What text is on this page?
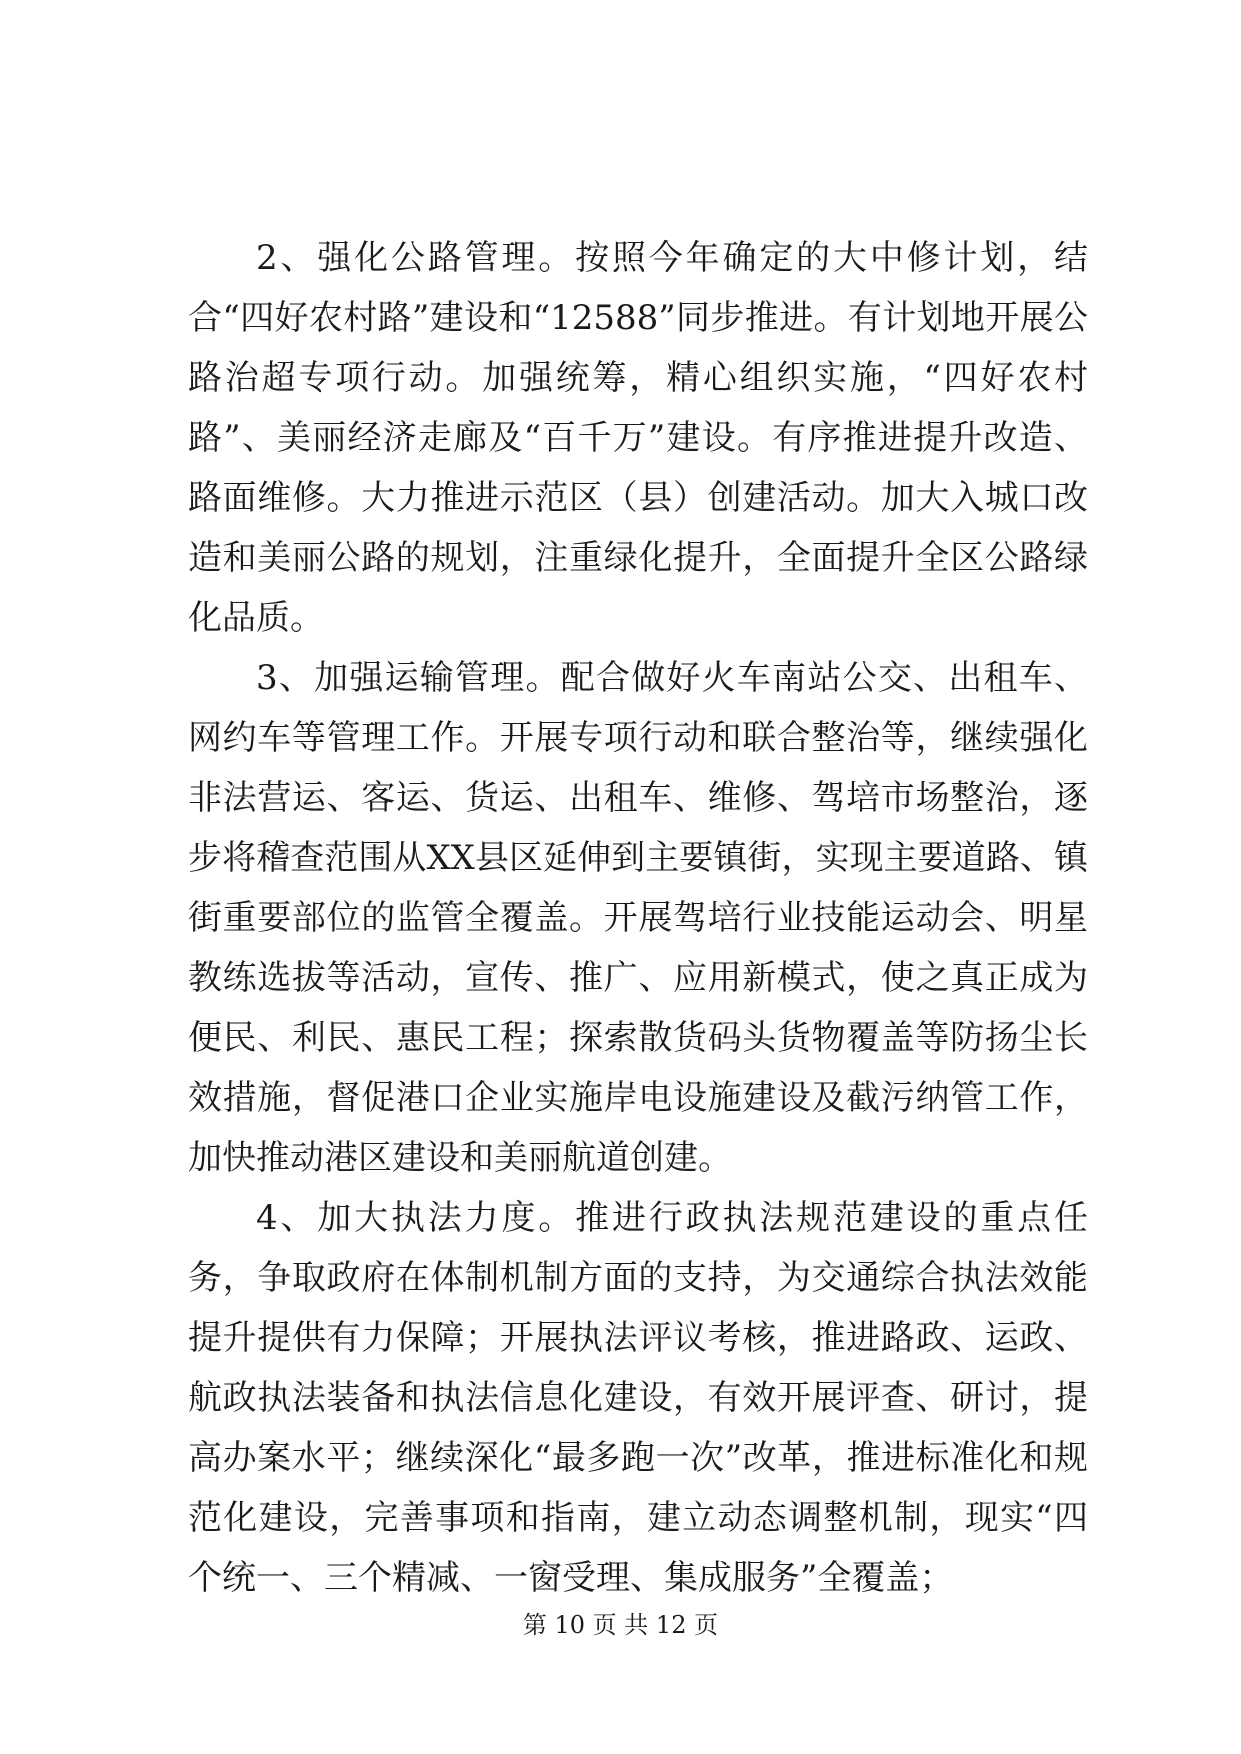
2、强化公路管理。按照今年确定的大中修计划，结合“四好农村路”建设和“12588”同步推进。有计划地开展公路治超专项行动。加强统筹，精心组织实施，“四好农村路”、美丽经济走廊及“百千万”建设。有序推进提升改造、路面维修。大力推进示范区（县）创建活动。加大入城口改造和美丽公路的规划，注重绿化提升，全面提升全区公路绿化品质。

3、加强运输管理。配合做好火车南站公交、出租车、网约车等管理工作。开展专项行动和联合整治等，继续强化非法营运、客运、货运、出租车、维修、驾培市场整治，逐步将稽查范围从XX县区延伸到主要镇街，实现主要道路、镇街重要部位的监管全覆盖。开展驾培行业技能运动会、明星教练选拔等活动，宣传、推广、应用新模式，使之真正成为便民、利民、惠民工程；探索散货码头货物覆盖等防扬尘长效措施，督促港口企业实施岸电设施建设及截污纳管工作，加快推动港区建设和美丽航道创建。

4、加大执法力度。推进行政执法规范建设的重点任务，争取政府在体制机制方面的支持，为交通综合执法效能提升提供有力保障；开展执法评议考核，推进路政、运政、航政执法装备和执法信息化建设，有效开展评查、研讨，提高办案水平；继续深化“最多跑一次”改革，推进标准化和规范化建设，完善事项和指南，建立动态调整机制，现实“四个统一、三个精减、一窗受理、集成服务”全覆盖；

第 10 页 共 12 页
